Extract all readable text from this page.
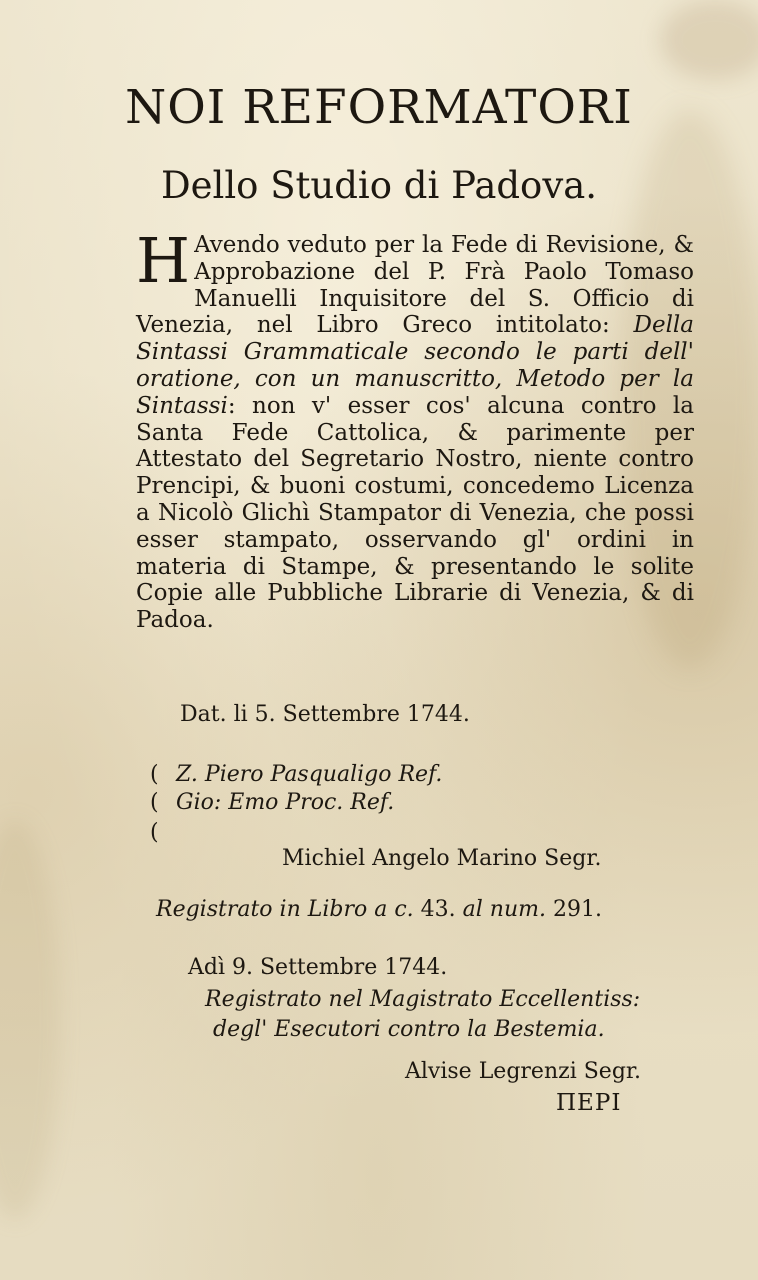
NOI REFORMATORI
Dello Studio di Padova.
H Avendo veduto per la Fede di Revisione, & Approbazione del P. Frà Paolo Tomaso Manuelli Inquisitore del S. Officio di Venezia, nel Libro Greco intitolato: Della Sintassi Grammaticale secondo le parti dell' oratione, con un manuscritto, Metodo per la Sintassi: non v' esser cos' alcuna contro la Santa Fede Cattolica, & parimente per Attestato del Segretario Nostro, niente contro Prencipi, & buoni costumi, concedemo Licenza a Nicolò Glichì Stampator di Venezia, che possi esser stampato, osservando gl' ordini in materia di Stampe, & presentando le solite Copie alle Pubbliche Librarie di Venezia, & di Padoa.
Dat. li 5. Settembre 1744.
( Z. Piero Pasqualigo Ref.
( Gio: Emo Proc. Ref.
(
Michiel Angelo Marino Segr.
Registrato in Libro a c. 43. al num. 291.
Adì 9. Settembre 1744.
Registrato nel Magistrato Eccellentiss:
degl' Esecutori contro la Bestemia.
Alvise Legrenzi Segr.
ΠΕΡΙ
